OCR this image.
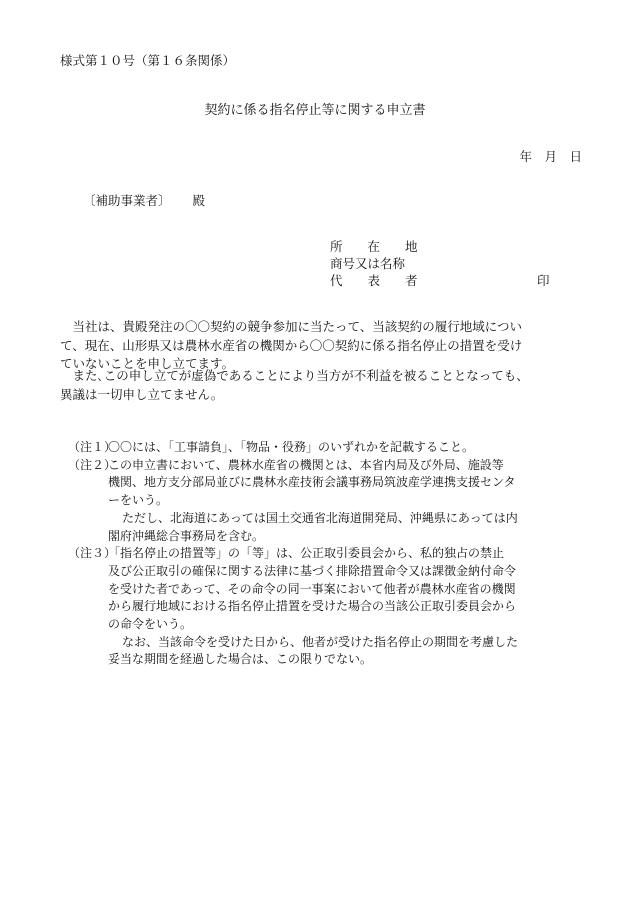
様式第１０号（第１６条関係）
契約に係る指名停止等に関する申立書
年　月　日
〔補助事業者〕 殿
所　　在　　地
商号又は名称
代　　表　　者	印
　当社は、貴殿発注の〇〇契約の競争参加に当たって、当該契約の履行地域につい
て、現在、山形県又は農林水産省の機関から〇〇契約に係る指名停止の措置を受け
ていないことを申し立てます。
　また､この申し立てが虚偽であることにより当方が不利益を被ることとなっても、
異議は一切申し立てません。
（注１）
〇〇には、「工事請負」、「物品・役務」のいずれかを記載すること。
（注２）
この申立書において、農林水産省の機関とは、本省内局及び外局、施設等
機関、地方支分部局並びに農林水産技術会議事務局筑波産学連携支援センタ
ーをいう。
ただし、北海道にあっては国土交通省北海道開発局、沖縄県にあっては内
閣府沖縄総合事務局を含む。
（注３）
「指名停止の措置等」の「等」は、公正取引委員会から、私的独占の禁止
及び公正取引の確保に関する法律に基づく排除措置命令又は課徴金納付命令
を受けた者であって、その命令の同一事案において他者が農林水産省の機関
から履行地域における指名停止措置を受けた場合の当該公正取引委員会から
の命令をいう。
なお、当該命令を受けた日から、他者が受けた指名停止の期間を考慮した
妥当な期間を経過した場合は、この限りでない。
